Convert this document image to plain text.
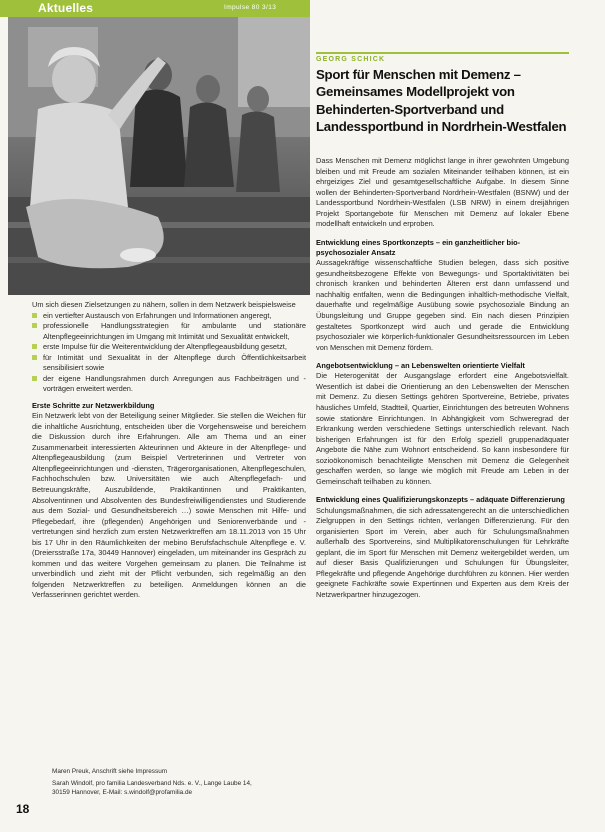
Aktuelles	Impulse 80 3/13

Um sich diesen Zielsetzungen zu nähern, sollen in dem Netzwerk beispielsweise

ein vertiefter Austausch von Erfahrungen und Informationen angeregt,
professionelle Handlungsstrategien für ambulante und stationäre Altenpflegeeinrichtungen im Umgang mit Intimität und Sexualität entwickelt,
erste Impulse für die Weiterentwicklung der Altenpflegeausbildung gesetzt,
für Intimität und Sexualität in der Altenpflege durch Öffentlichkeitsarbeit sensibilisiert sowie
der eigene Handlungsrahmen durch Anregungen aus Fachbeiträgen und -vorträgen erweitert werden.

Erste Schritte zur Netzwerkbildung

Ein Netzwerk lebt von der Beteiligung seiner Mitglieder. Sie stellen die Weichen für die inhaltliche Ausrichtung, entscheiden über die Vorgehensweise und bereichern die Diskussion durch ihre Erfahrungen. Alle am Thema und an einer Zusammenarbeit interessierten Akteurinnen und Akteure in der Altenpflege- und Altenpflegeausbildung (zum Beispiel Vertreterinnen und Vertreter von Altenpflegeeinrichtungen und -diensten, Trägerorganisationen, Altenpflegeschulen, Fachhochschulen bzw. Universitäten wie auch Altenpflegefach- und Betreuungskräfte, Auszubildende, Praktikantinnen und Praktikanten, Absolventinnen und Absolventen des Bundesfreiwilligendienstes und Studierende aus dem Sozial- und Gesundheitsbereich …) sowie Menschen mit Hilfe- und Pflegebedarf, ihre (pflegenden) Angehörigen und Seniorenverbände und -vertretungen sind herzlich zum ersten Netzwerktreffen am 18.11.2013 von 15 Uhr bis 17 Uhr in den Räumlichkeiten der mebino Berufsfachschule Altenpflege e. V. (Dreiersstraße 17a, 30449 Hannover) eingeladen, um miteinander ins Gespräch zu kommen und das weitere Vorgehen gemeinsam zu planen. Die Teilnahme ist unverbindlich und zieht mit der Pflicht verbunden, sich regelmäßig an den folgenden Netzwerktreffen zu beteiligen. Anmeldungen können an die Verfasserinnen gerichtet werden.

Maren Preuk, Anschrift siehe Impressum
Sarah Windolf, pro familia Landesverband Nds. e. V., Lange Laube 14,
30159 Hannover, E-Mail: s.windolf@profamilia.de
18
GEORG SCHICK
Sport für Menschen mit Demenz – Gemeinsames Modellprojekt von Behinderten-Sportverband und Landessportbund in Nordrhein-Westfalen

Dass Menschen mit Demenz möglichst lange in ihrer gewohnten Umgebung bleiben und mit Freude am sozialen Miteinander teilhaben können, ist ein ehrgeiziges Ziel und gesamtgesellschaftliche Aufgabe. In diesem Sinne wollen der Behinderten-Sportverband Nordrhein-Westfalen (BSNW) und der Landessportbund Nordrhein-Westfalen (LSB NRW) in einem dreijährigen Projekt Sportangebote für Menschen mit Demenz auf lokaler Ebene modellhaft entwickeln und erproben.

Entwicklung eines Sportkonzepts – ein ganzheitlicher bio-psychosozialer Ansatz

Aussagekräftige wissenschaftliche Studien belegen, dass sich positive gesundheitsbezogene Effekte von Bewegungs- und Sportaktivitäten bei chronisch kranken und behinderten Älteren erst dann umfassend und nachhaltig entfalten, wenn die Bedingungen inhaltlich-methodische Vielfalt, dauerhafte und regelmäßige Ausübung sowie psychosoziale Bindung an Übungsleitung und Gruppe gegeben sind. Ein nach diesen Prinzipien gestaltetes Sportkonzept wird auch und gerade die Entwicklung psychosozialer wie körperlich-funktionaler Gesundheitsressourcen im Leben von Menschen mit Demenz fördern.

Angebotsentwicklung – an Lebenswelten orientierte Vielfalt

Die Heterogenität der Ausgangslage erfordert eine Angebotsvielfalt. Wesentlich ist dabei die Orientierung an den Lebenswelten der Menschen mit Demenz. Zu diesen Settings gehören Sportvereine, Betriebe, privates häusliches Umfeld, Stadtteil, Quartier, Einrichtungen des betreuten Wohnens sowie stationäre Einrichtungen. In Abhängigkeit vom Schweregrad der Erkrankung werden verschiedene Settings unterschiedlich relevant. Nach bisherigen Erfahrungen ist für den Erfolg speziell gruppenadäquater Angebote die Nähe zum Wohnort entscheidend. So kann insbesondere für sozioökonomisch benachteiligte Menschen mit Demenz die Gelegenheit geschaffen werden, so lange wie möglich mit Freude am Leben in der Gemeinschaft teilhaben zu können.

Entwicklung eines Qualifizierungskonzepts – adäquate Differenzierung

Schulungsmaßnahmen, die sich adressatengerecht an die unterschiedlichen Zielgruppen in den Settings richten, verlangen Differenzierung. Für den organisierten Sport im Verein, aber auch für Schulungsmaßnahmen außerhalb des Sportvereins, sind Multiplikatorenschulungen für Lehrkräfte geplant, die im Sport für Menschen mit Demenz weitergebildet werden, um auf dieser Basis Qualifizierungen und Schulungen für Übungsleiter, Pflegekräfte und pflegende Angehörige durchführen zu können. Hier werden geeignete Fachkräfte sowie Expertinnen und Experten aus dem Kreis der Netzwerkpartner hinzugezogen.
